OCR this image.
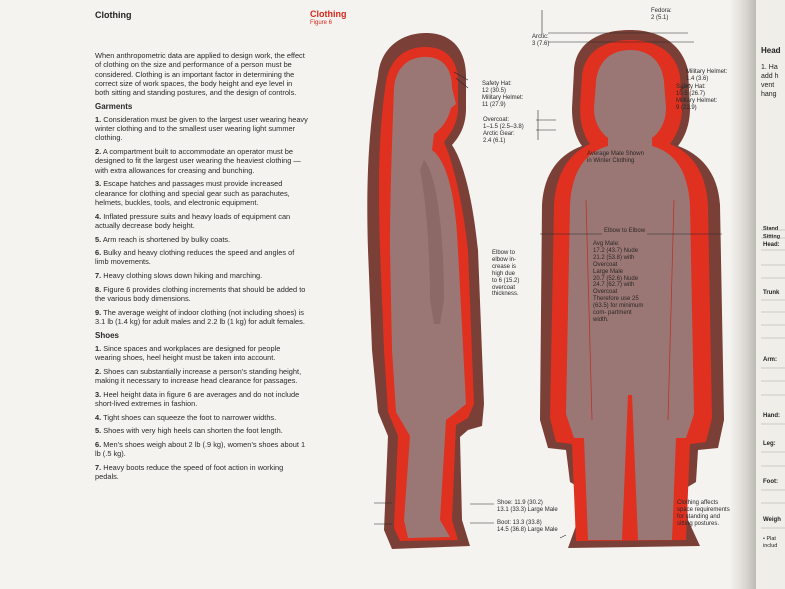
Head
1. Ha
add h
vent
hang
Stand
Sitting
Head:
Trunk
Arm:
Hand:
Leg:
Foot:
Weigh
• Plat
includ
Clothing	Clothing
Figure 6

When anthropometric data are applied to design work, the effect of clothing on the size and performance of a person must be considered. Clothing is an important factor in determining the correct size of work spaces, the body height and eye level in both sitting and standing postures, and the design of controls.

Garments

1. Consideration must be given to the largest user wearing heavy winter clothing and to the smallest user wearing light summer clothing.

2. A compartment built to accommodate an operator must be designed to fit the largest user wearing the heaviest clothing — with extra allowances for creasing and bunching.

3. Escape hatches and passages must provide increased clearance for clothing and special gear such as parachutes, helmets, buckles, tools, and electronic equipment.

4. Inflated pressure suits and heavy loads of equipment can actually decrease body height.

5. Arm reach is shortened by bulky coats.

6. Bulky and heavy clothing reduces the speed and angles of limb movements.

7. Heavy clothing slows down hiking and marching.

8. Figure 6 provides clothing increments that should be added to the various body dimensions.

9. The average weight of indoor clothing (not including shoes) is 3.1 lb (1.4 kg) for adult males and 2.2 lb (1 kg) for adult females.

Shoes

1. Since spaces and workplaces are designed for people wearing shoes, heel height must be taken into account.

2. Shoes can substantially increase a person’s standing height, making it necessary to increase head clearance for passages.

3. Heel height data in figure 6 are averages and do not include short-lived extremes in fashion.

4. Tight shoes can squeeze the foot to narrower widths.

5. Shoes with very high heels can shorten the foot length.

6. Men’s shoes weigh about 2 lb (.9 kg), women’s shoes about 1 lb (.5 kg).

7. Heavy boots reduce the speed of foot action in working pedals.

Fedora:
2 (5.1)
Arctic:
3 (7.6)
Military Helmet:
1.4 (3.6)
Safety Hat:
10.5 (26.7)
Military Helmet:
9 (22.9)
Safety Hat:
12 (30.5)
Military Helmet:
11 (27.9)
Overcoat:
1–1.5 (2.5–3.8)
Arctic Gear:
2.4 (6.1)
Average Male Shown
in Winter Clothing
Elbow to Elbow
Avg Male:
17.2 (43.7) Nude
21.2 (53.8) with
Overcoat
Large Male
20.7 (52.6) Nude
24.7 (62.7) with
Overcoat
Therefore use 25
(63.5) for minimum
com- partment
width.
Elbow to
elbow in-
crease is
high due
to 6 (15.2)
overcoat
thickness.
Shoe: 11.9 (30.2)
13.1 (33.3) Large Male
Boot: 13.3 (33.8)
14.5 (36.8) Large Male
Clothing affects
space requirements
for standing and
sitting postures.
